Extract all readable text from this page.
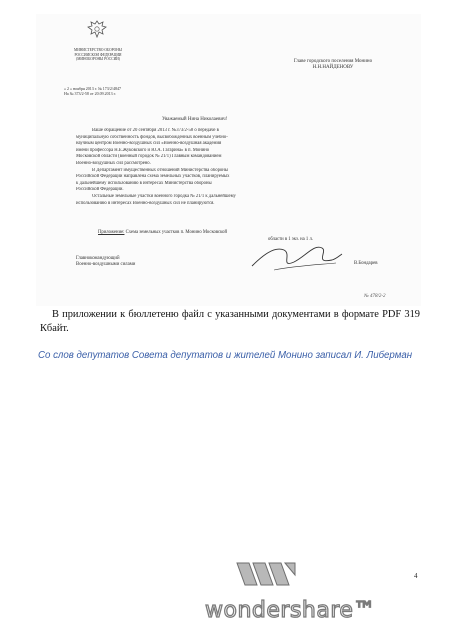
МИНИСТЕРСТВО ОБОРОНЫ
РОССИЙСКОЙ ФЕДЕРАЦИИ
(МИНОБОРОНЫ РОССИИ)
« 2 » ноября 2013 г. № 173/2/4847
На № 373/2-58 от 20.09.2013 г.
Главе городского поселения Монино
Н.Н.НАЙДЕНОВУ
Уважаемый Нина Николаевич!

Ваше обращение от 20 сентября 2013 г. №373/2-58 о передаче в

муниципальную собственность фондов, высвобожденных военным учебно-

научным центром Военно-воздушных сил «Военно-воздушная академия

имени профессора Н.Е.Жуковского и Ю.А. Гагарина» в п. Монино

Московской области (военный городок № 21/1) Главным командованием

Военно-воздушных сил рассмотрено.

В Департамент имущественных отношений Министерства обороны

Российской Федерации направлена схема земельных участков, планируемых

к дальнейшему использованию в интересах Министерства обороны

Российской Федерации.

Остальные земельные участки военного городка № 21/1 к дальнейшему

использованию в интересах Военно-воздушных сил не планируются.

Приложение: Схема земельных участков п. Монино Московской
области в 1 экз. на 1 л.
Главнокомандующий
Военно-воздушными силами	В.Бондарев
№ 478/2-2
В приложении к бюллетеню файл с указанными документами в формате PDF 319 Кбайт.
Со слов депутатов Совета депутатов и жителей Монино записал И. Либерман
4
wondershare™
